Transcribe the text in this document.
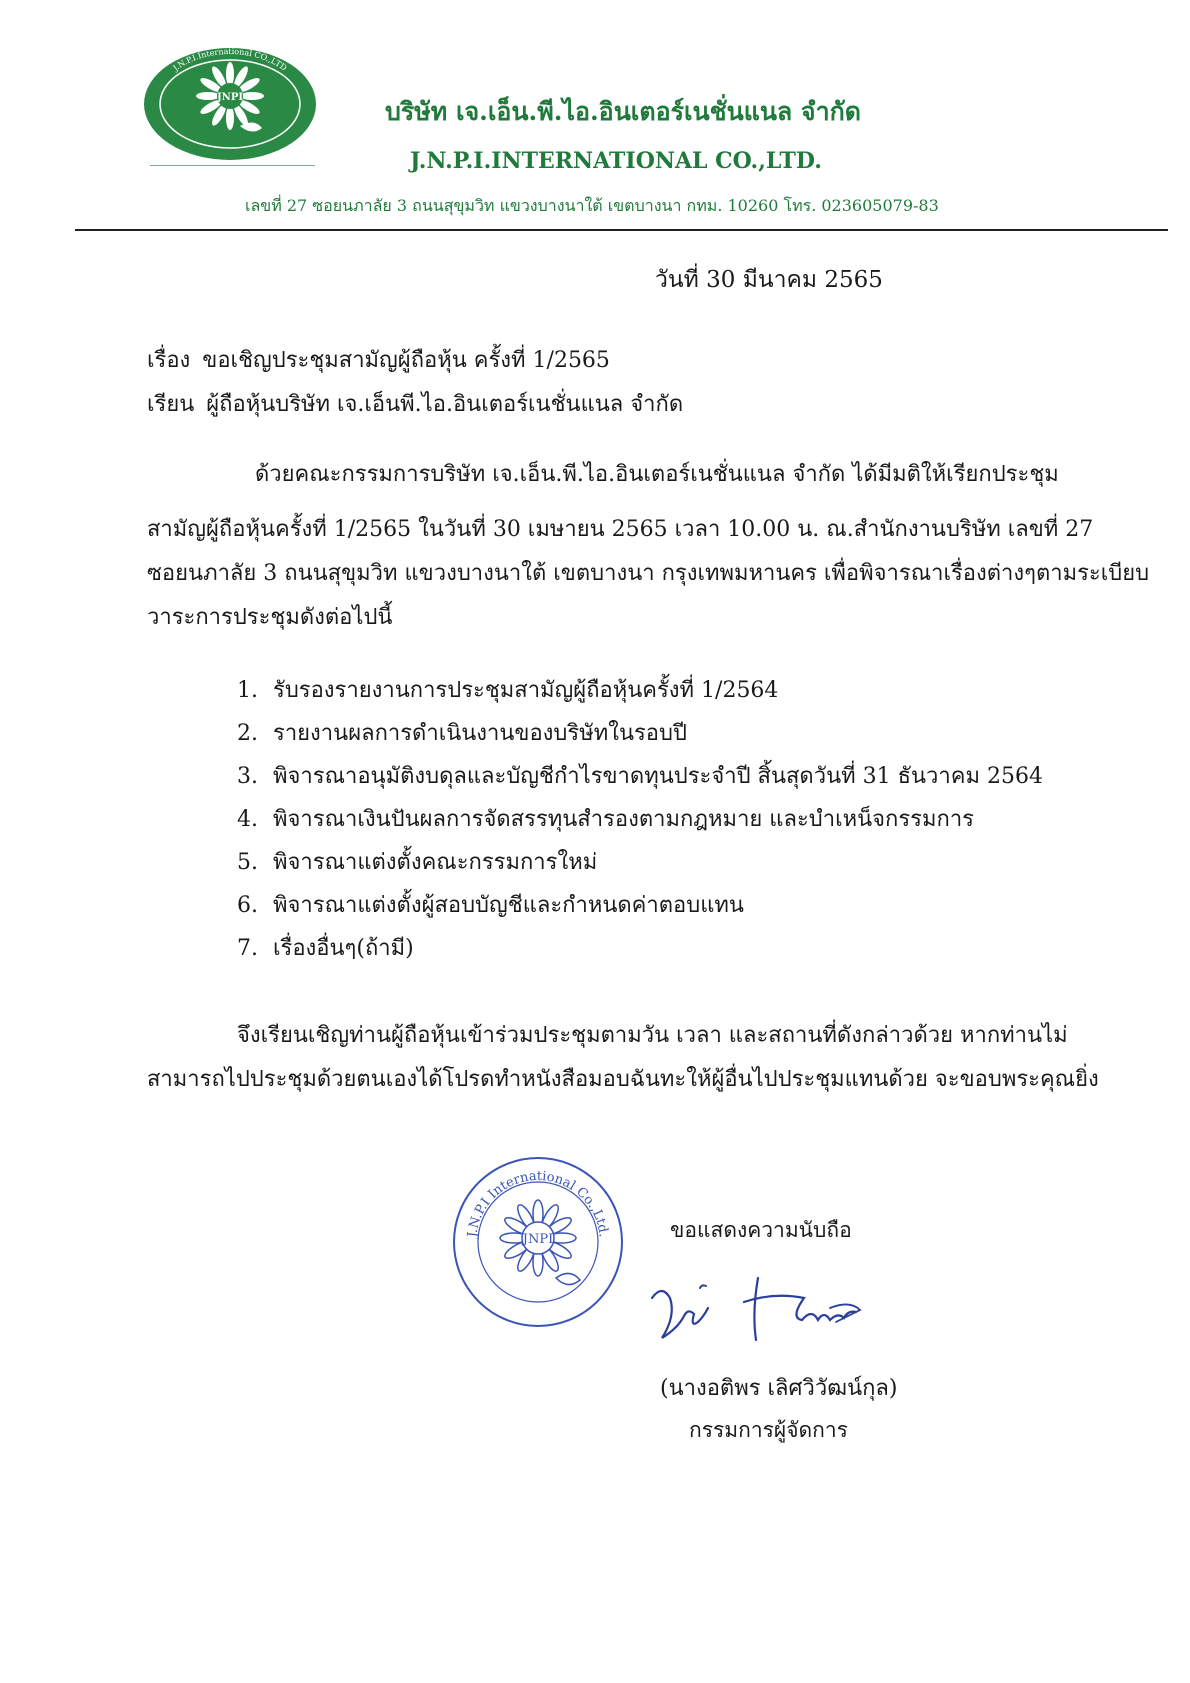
JNPI
J.N.P.I.International CO.,LTD
บริษัท เจ.เอ็น.พี.ไอ.อินเตอร์เนชั่นแนล จำกัด
J.N.P.I.INTERNATIONAL CO.,LTD.
เลขที่ 27 ซอยนภาลัย 3 ถนนสุขุมวิท แขวงบางนาใต้ เขตบางนา กทม. 10260 โทร. 023605079-83
วันที่ 30 มีนาคม 2565
เรื่อง ขอเชิญประชุมสามัญผู้ถือหุ้น ครั้งที่ 1/2565
เรียน ผู้ถือหุ้นบริษัท เจ.เอ็นพี.ไอ.อินเตอร์เนชั่นแนล จำกัด
ด้วยคณะกรรมการบริษัท เจ.เอ็น.พี.ไอ.อินเตอร์เนชั่นแนล จำกัด ได้มีมติให้เรียกประชุม
สามัญผู้ถือหุ้นครั้งที่ 1/2565 ในวันที่ 30 เมษายน 2565 เวลา 10.00 น. ณ.สำนักงานบริษัท เลขที่ 27
ซอยนภาลัย 3 ถนนสุขุมวิท แขวงบางนาใต้ เขตบางนา กรุงเทพมหานคร เพื่อพิจารณาเรื่องต่างๆตามระเบียบ
วาระการประชุมดังต่อไปนี้
1. รับรองรายงานการประชุมสามัญผู้ถือหุ้นครั้งที่ 1/2564
2. รายงานผลการดำเนินงานของบริษัทในรอบปี
3. พิจารณาอนุมัติงบดุลและบัญชีกำไรขาดทุนประจำปี สิ้นสุดวันที่ 31 ธันวาคม 2564
4. พิจารณาเงินปันผลการจัดสรรทุนสำรองตามกฎหมาย และบำเหน็จกรรมการ
5. พิจารณาแต่งตั้งคณะกรรมการใหม่
6. พิจารณาแต่งตั้งผู้สอบบัญชีและกำหนดค่าตอบแทน
7. เรื่องอื่นๆ(ถ้ามี)
จึงเรียนเชิญท่านผู้ถือหุ้นเข้าร่วมประชุมตามวัน เวลา และสถานที่ดังกล่าวด้วย หากท่านไม่
สามารถไปประชุมด้วยตนเองได้โปรดทำหนังสือมอบฉันทะให้ผู้อื่นไปประชุมแทนด้วย จะขอบพระคุณยิ่ง
J.N.P.I International Co.,Ltd.
JNPI	ขอแสดงความนับถือ
(นางอติพร เลิศวิวัฒน์กุล)
กรรมการผู้จัดการ
